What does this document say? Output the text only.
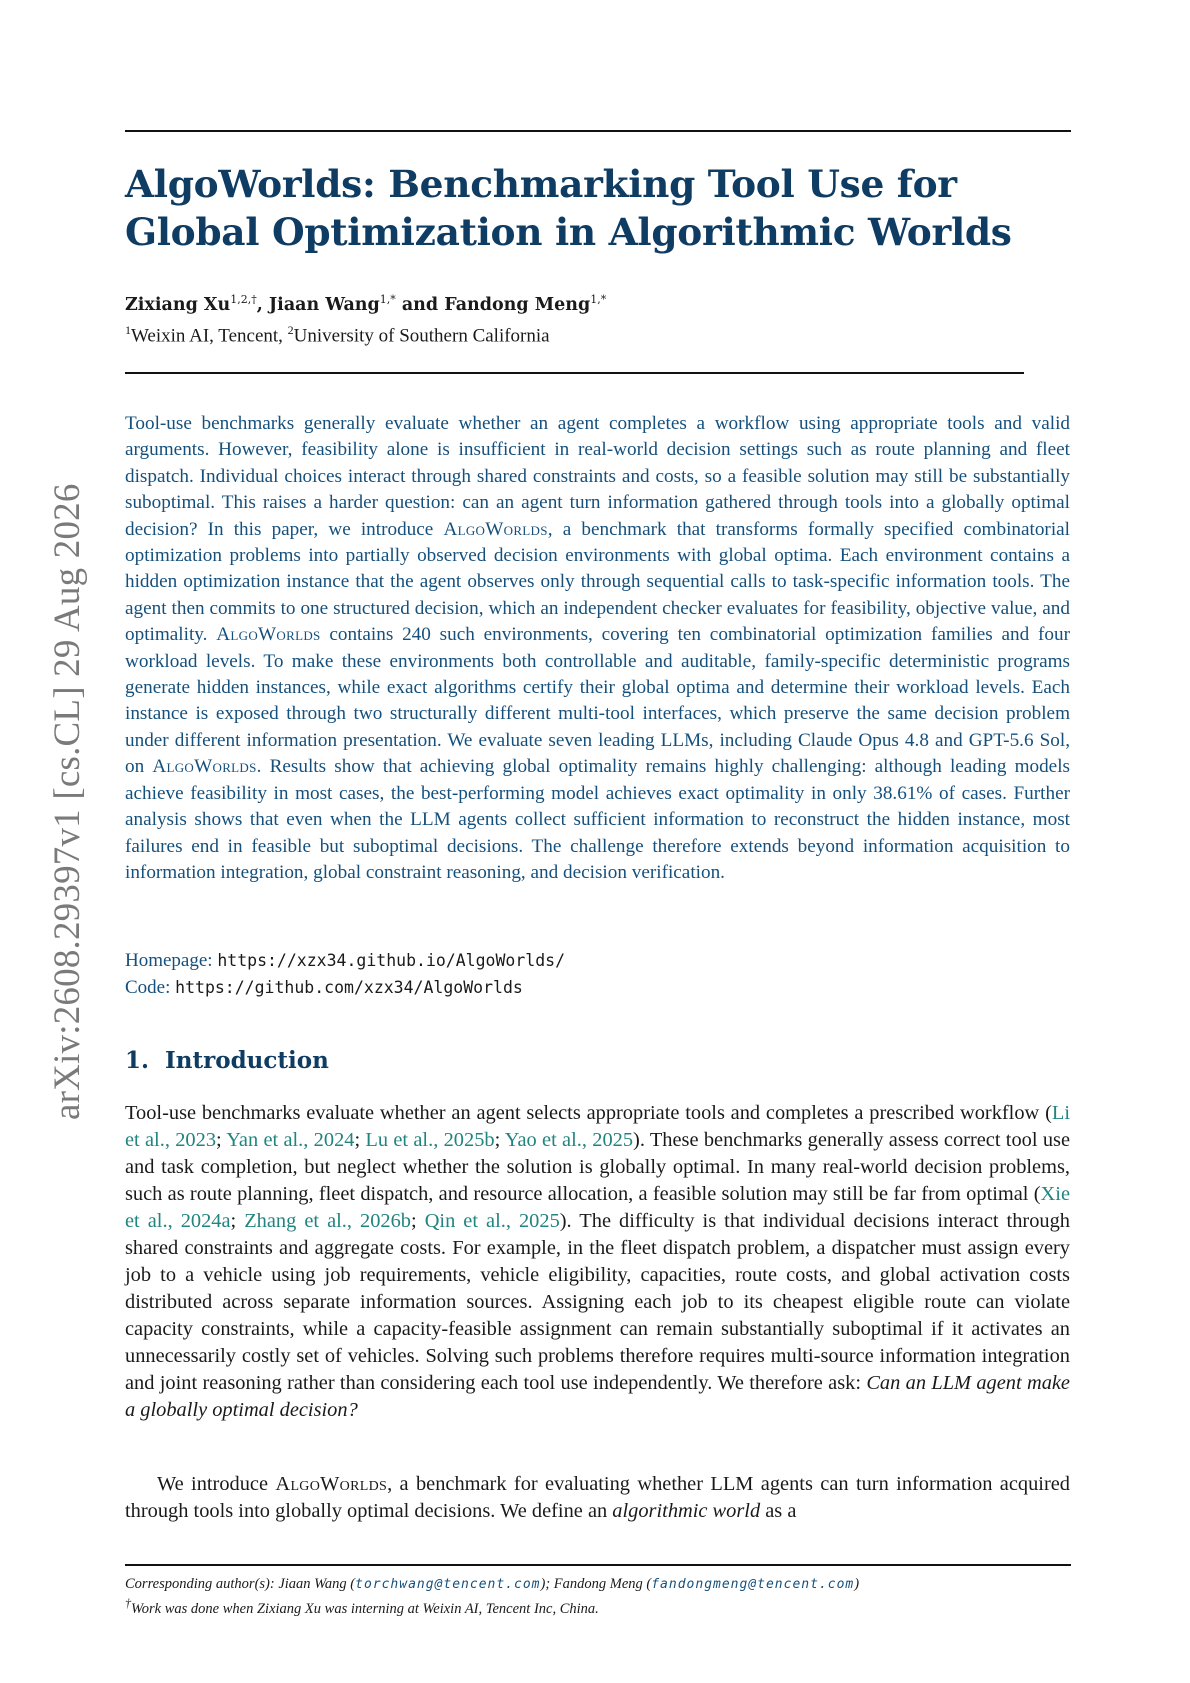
arXiv:2608.29397v1 [cs.CL] 29 Aug 2026
AlgoWorlds: Benchmarking Tool Use for Global Optimization in Algorithmic Worlds
Zixiang $Xu^{1,2,\dagger}$, Jiaan Wang$^{1,*}$ and Fandong Meng$^{1,*}$
$^1$Weixin AI, Tencent, $^2$University of Southern California

Tool-use benchmarks generally evaluate whether an agent completes a workflow using appropriate tools and valid arguments. However, feasibility alone is insufficient in real-world decision settings such as route planning and fleet dispatch. Individual choices interact through shared constraints and costs, so a feasible solution may still be substantially suboptimal. This raises a harder question: can an agent turn information gathered through tools into a globally optimal decision? In this paper, we introduce AlgoWorlds, a benchmark that transforms formally specified combinatorial optimization problems into partially observed decision environments with global optima. Each environment contains a hidden optimization instance that the agent observes only through sequential calls to task-specific information tools. The agent then commits to one structured decision, which an independent checker evaluates for feasibility, objective value, and optimality. AlgoWorlds contains 240 such environments, covering ten combinatorial optimization families and four workload levels. To make these environments both controllable and auditable, family-specific deterministic programs generate hidden instances, while exact algorithms certify their global optima and determine their workload levels. Each instance is exposed through two structurally different multi-tool interfaces, which preserve the same decision problem under different information presentation. We evaluate seven leading LLMs, including Claude Opus 4.8 and GPT-5.6 Sol, on AlgoWorlds. Results show that achieving global optimality remains highly challenging: although leading models achieve feasibility in most cases, the best-performing model achieves exact optimality in only 38.61% of cases. Further analysis shows that even when the LLM agents collect sufficient information to reconstruct the hidden instance, most failures end in feasible but suboptimal decisions. The challenge therefore extends beyond information acquisition to information integration, global constraint reasoning, and decision verification.

Homepage: https://xzx34.github.io/AlgoWorlds/
Code: https://github.com/xzx34/AlgoWorlds
1. Introduction

Tool-use benchmarks evaluate whether an agent selects appropriate tools and completes a prescribed workflow (Li et al., 2023; Yan et al., 2024; Lu et al., 2025b; Yao et al., 2025). These benchmarks generally assess correct tool use and task completion, but neglect whether the solution is globally optimal. In many real-world decision problems, such as route planning, fleet dispatch, and resource allocation, a feasible solution may still be far from optimal (Xie et al., 2024a; Zhang et al., 2026b; Qin et al., 2025). The difficulty is that individual decisions interact through shared constraints and aggregate costs. For example, in the fleet dispatch problem, a dispatcher must assign every job to a vehicle using job requirements, vehicle eligibility, capacities, route costs, and global activation costs distributed across separate information sources. Assigning each job to its cheapest eligible route can violate capacity constraints, while a capacity-feasible assignment can remain substantially suboptimal if it activates an unnecessarily costly set of vehicles. Solving such problems therefore requires multi-source information integration and joint reasoning rather than considering each tool use independently. We therefore ask: Can an LLM agent make a globally optimal decision?

We introduce AlgoWorlds, a benchmark for evaluating whether LLM agents can turn information acquired through tools into globally optimal decisions. We define an algorithmic world as a

Corresponding author(s): Jiaan Wang (torchwang@tencent.com); Fandong Meng (fandongmeng@tencent.com)
†Work was done when Zixiang Xu was interning at Weixin AI, Tencent Inc, China.
